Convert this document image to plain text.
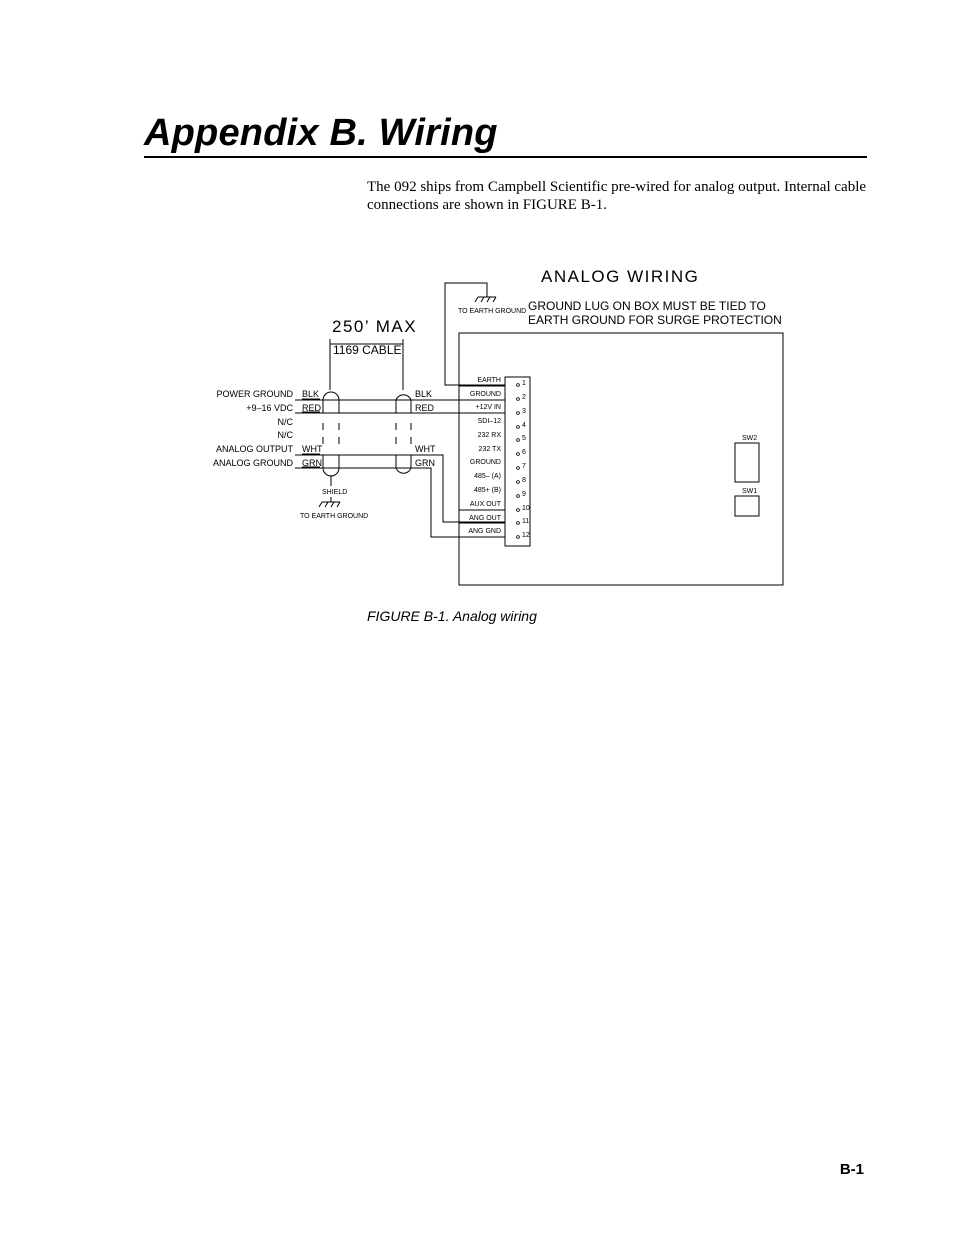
Appendix B. Wiring

The 092 ships from Campbell Scientific pre-wired for analog output. Internal cable connections are shown in FIGURE B-1.

ANALOG WIRING
TO EARTH GROUND GROUND LUG ON BOX MUST BE TIED TO
EARTH GROUND FOR SURGE PROTECTION
250’ MAX
1169 CABLE
POWER GROUND
+9–16 VDC
N/C
N/C
ANALOG OUTPUT
ANALOG GROUND
BLK
RED
WHT
GRN
BLK
RED
WHT
GRN
SHIELD
TO EARTH GROUND
EARTH
GROUND
+12V IN
SDI–12
232 RX
232 TX
GROUND
485– (A)
485+ (B)
AUX OUT
ANG OUT
ANG GND
1
2
3
4
5
6
7
8
9
10
11
12
SW2
SW1

FIGURE B-1. Analog wiring

B-1
